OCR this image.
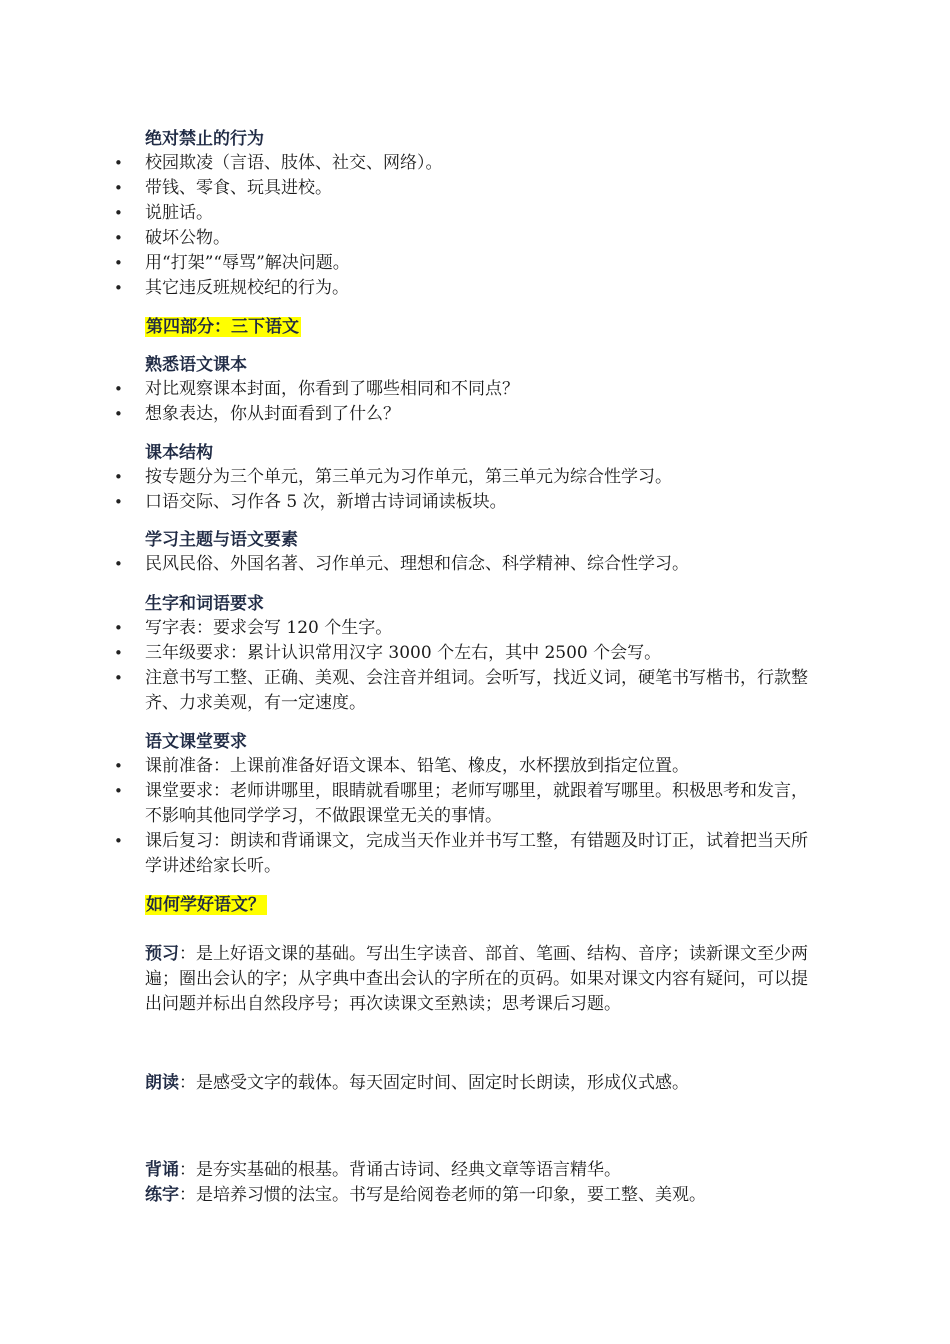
绝对禁止的行为
• 校园欺凌（言语、肢体、社交、网络）。
• 带钱、零食、玩具进校。
• 说脏话。
• 破坏公物。
• 用“打架”“辱骂”解决问题。
• 其它违反班规校纪的行为。
第四部分：三下语文
熟悉语文课本
• 对比观察课本封面，你看到了哪些相同和不同点？
• 想象表达，你从封面看到了什么？
课本结构
• 按专题分为三个单元，第三单元为习作单元，第三单元为综合性学习。
• 口语交际、习作各 5 次，新增古诗词诵读板块。
学习主题与语文要素
• 民风民俗、外国名著、习作单元、理想和信念、科学精神、综合性学习。
生字和词语要求
• 写字表：要求会写 120 个生字。
• 三年级要求：累计认识常用汉字 3000 个左右，其中 2500 个会写。
• 注意书写工整、正确、美观、会注音并组词。会听写，找近义词，硬笔书写楷书，行款整齐、力求美观，有一定速度。
语文课堂要求
• 课前准备：上课前准备好语文课本、铅笔、橡皮，水杯摆放到指定位置。
• 课堂要求：老师讲哪里，眼睛就看哪里；老师写哪里，就跟着写哪里。积极思考和发言，不影响其他同学学习，不做跟课堂无关的事情。
• 课后复习：朗读和背诵课文，完成当天作业并书写工整，有错题及时订正，试着把当天所学讲述给家长听。
如何学好语文？
预习：是上好语文课的基础。写出生字读音、部首、笔画、结构、音序；读新课文至少两遍；圈出会认的字；从字典中查出会认的字所在的页码。如果对课文内容有疑问，可以提出问题并标出自然段序号；再次读课文至熟读；思考课后习题。
朗读：是感受文字的载体。每天固定时间、固定时长朗读，形成仪式感。
背诵：是夯实基础的根基。背诵古诗词、经典文章等语言精华。
练字：是培养习惯的法宝。书写是给阅卷老师的第一印象，要工整、美观。
